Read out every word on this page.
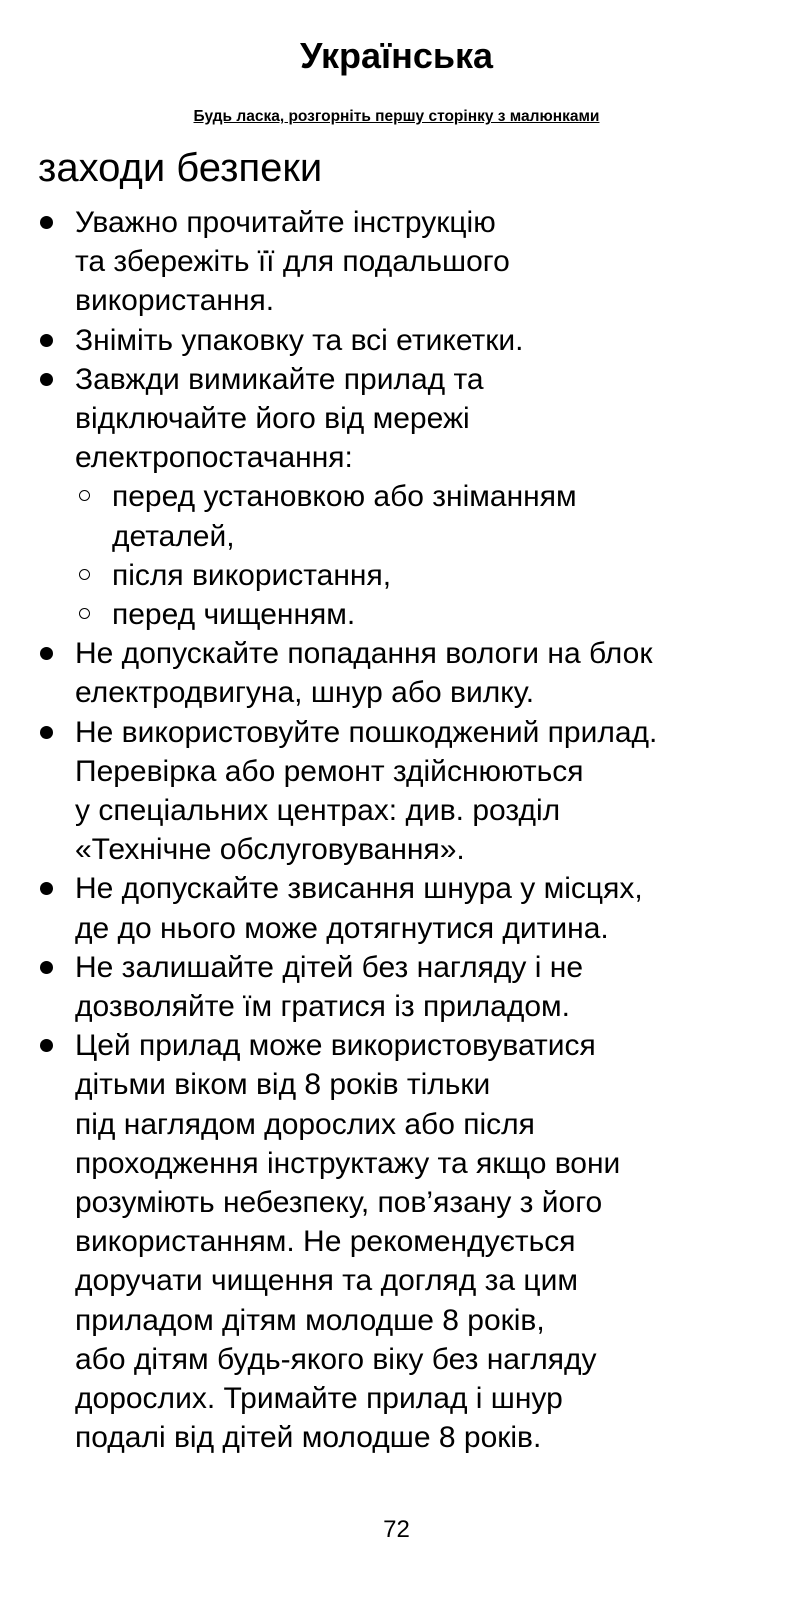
Українська
Будь ласка, розгорніть першу сторінку з малюнками
заходи безпеки
Уважно прочитайте інструкцію
та збережіть її для подальшого
використання.
Зніміть упаковку та всі етикетки.
Завжди вимикайте прилад та
відключайте його від мережі
електропостачання:
перед установкою або зніманням
деталей,
після використання,
перед чищенням.
Не допускайте попадання вологи на блок
електродвигуна, шнур або вилку.
Не використовуйте пошкоджений прилад.
Перевірка або ремонт здійснюються
у спеціальних центрах: див. розділ
«Технічне обслуговування».
Не допускайте звисання шнура у місцях,
де до нього може дотягнутися дитина.
Не залишайте дітей без нагляду і не
дозволяйте їм гратися із приладом.
Цей прилад може використовуватися
дітьми віком від 8 років тільки
під наглядом дорослих або після
проходження інструктажу та якщо вони
розуміють небезпеку, пов’язану з його
використанням. Не рекомендується
доручати чищення та догляд за цим
приладом дітям молодше 8 років,
або дітям будь-якого віку без нагляду
дорослих. Тримайте прилад і шнур
подалі від дітей молодше 8 років.
72
